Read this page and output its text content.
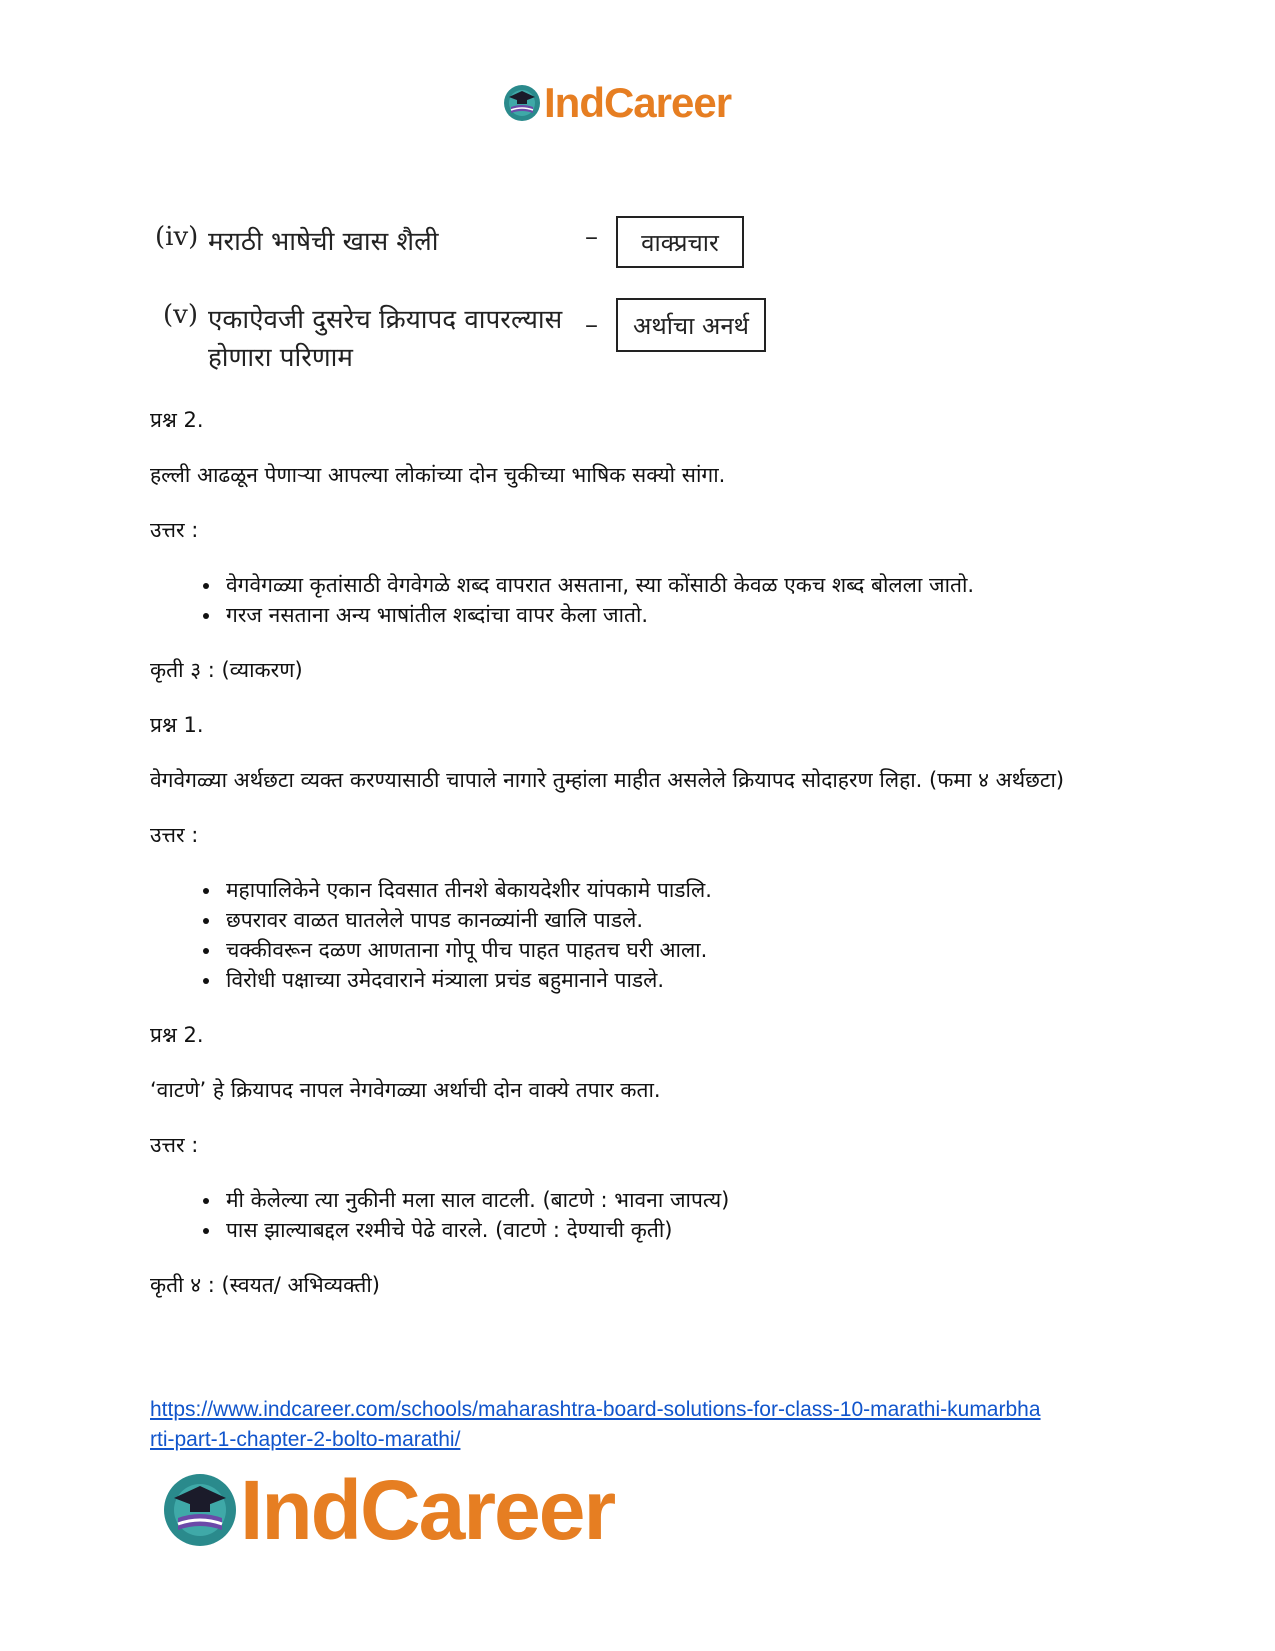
IndCareer
(iv) मराठी भाषेची खास शैली	– वाक्प्रचार
(v) एकाऐवजी दुसरेच क्रियापद वापरल्यास
होणारा परिणाम
– अर्थाचा अनर्थ

प्रश्न 2.

हल्ली आढळून पेणाऱ्या आपल्या लोकांच्या दोन चुकीच्या भाषिक सक्यो सांगा.

उत्तर :

• वेगवेगळ्या कृतांसाठी वेगवेगळे शब्द वापरात असताना, स्या कोंसाठी केवळ एकच शब्द बोलला जातो.
• गरज नसताना अन्य भाषांतील शब्दांचा वापर केला जातो.

कृती ३ : (व्याकरण)

प्रश्न 1.

वेगवेगळ्या अर्थछटा व्यक्त करण्यासाठी चापाले नागारे तुम्हांला माहीत असलेले क्रियापद सोदाहरण लिहा. (फमा ४ अर्थछटा)

उत्तर :

• महापालिकेने एकान दिवसात तीनशे बेकायदेशीर यांपकामे पाडलि.
• छपरावर वाळत घातलेले पापड कानळ्यांनी खालि पाडले.
• चक्कीवरून दळण आणताना गोपू पीच पाहत पाहतच घरी आला.
• विरोधी पक्षाच्या उमेदवाराने मंत्र्याला प्रचंड बहुमानाने पाडले.

प्रश्न 2.

‘वाटणे’ हे क्रियापद नापल नेगवेगळ्या अर्थाची दोन वाक्ये तपार कता.

उत्तर :

• मी केलेल्या त्या नुकीनी मला साल वाटली. (बाटणे : भावना जापत्य)
• पास झाल्याबद्दल रश्मीचे पेढे वारले. (वाटणे : देण्याची कृती)

कृती ४ : (स्वयत/ अभिव्यक्ती)

https://www.indcareer.com/schools/maharashtra-board-solutions-for-class-10-marathi-kumarbha
rti-part-1-chapter-2-bolto-marathi/
IndCareer
